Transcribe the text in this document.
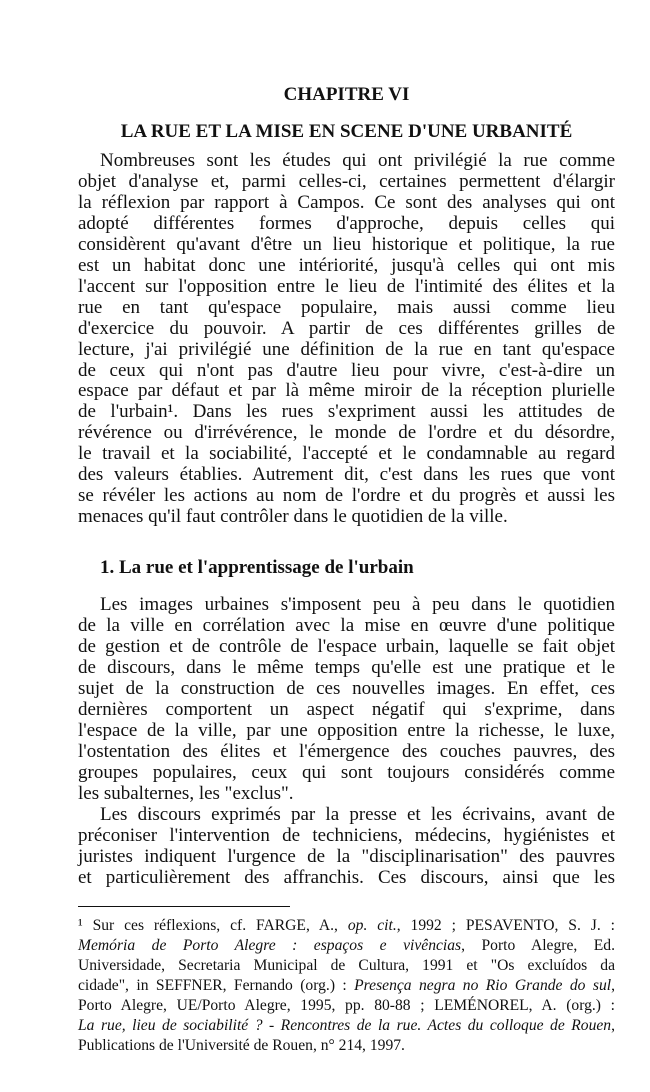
CHAPITRE VI
LA RUE ET LA MISE EN SCENE D'UNE URBANITÉ
Nombreuses sont les études qui ont privilégié la rue comme
objet d'analyse et, parmi celles-ci, certaines permettent d'élargir
la réflexion par rapport à Campos. Ce sont des analyses qui ont
adopté différentes formes d'approche, depuis celles qui
considèrent qu'avant d'être un lieu historique et politique, la rue
est un habitat donc une intériorité, jusqu'à celles qui ont mis
l'accent sur l'opposition entre le lieu de l'intimité des élites et la
rue en tant qu'espace populaire, mais aussi comme lieu
d'exercice du pouvoir. A partir de ces différentes grilles de
lecture, j'ai privilégié une définition de la rue en tant qu'espace
de ceux qui n'ont pas d'autre lieu pour vivre, c'est-à-dire un
espace par défaut et par là même miroir de la réception plurielle
de l'urbain¹. Dans les rues s'expriment aussi les attitudes de
révérence ou d'irrévérence, le monde de l'ordre et du désordre,
le travail et la sociabilité, l'accepté et le condamnable au regard
des valeurs établies. Autrement dit, c'est dans les rues que vont
se révéler les actions au nom de l'ordre et du progrès et aussi les
menaces qu'il faut contrôler dans le quotidien de la ville.
1. La rue et l'apprentissage de l'urbain
Les images urbaines s'imposent peu à peu dans le quotidien
de la ville en corrélation avec la mise en œuvre d'une politique
de gestion et de contrôle de l'espace urbain, laquelle se fait objet
de discours, dans le même temps qu'elle est une pratique et le
sujet de la construction de ces nouvelles images. En effet, ces
dernières comportent un aspect négatif qui s'exprime, dans
l'espace de la ville, par une opposition entre la richesse, le luxe,
l'ostentation des élites et l'émergence des couches pauvres, des
groupes populaires, ceux qui sont toujours considérés comme
les subalternes, les "exclus".
Les discours exprimés par la presse et les écrivains, avant de
préconiser l'intervention de techniciens, médecins, hygiénistes et
juristes indiquent l'urgence de la "disciplinarisation" des pauvres
et particulièrement des affranchis. Ces discours, ainsi que les
¹ Sur ces réflexions, cf. FARGE, A., op. cit., 1992 ; PESAVENTO, S. J. :
Memória de Porto Alegre : espaços e vivências, Porto Alegre, Ed.
Universidade, Secretaria Municipal de Cultura, 1991 et "Os excluídos da
cidade", in SEFFNER, Fernando (org.) : Presença negra no Rio Grande do sul,
Porto Alegre, UE/Porto Alegre, 1995, pp. 80-88 ; LEMÉNOREL, A. (org.) :
La rue, lieu de sociabilité ? - Rencontres de la rue. Actes du colloque de Rouen,
Publications de l'Université de Rouen, n° 214, 1997.
